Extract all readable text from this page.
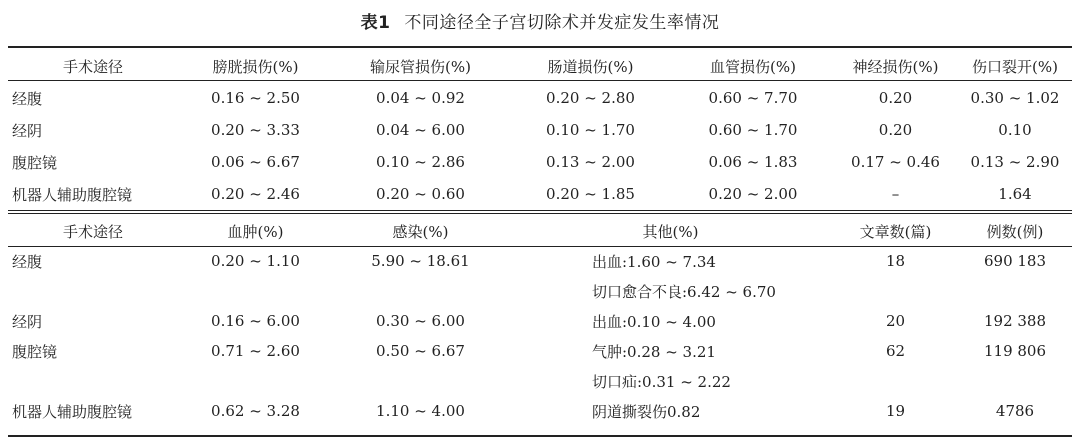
表1 不同途径全子宫切除术并发症发生率情况
手术途径	膀胱损伤(%)	输尿管损伤(%)	肠道损伤(%)	血管损伤(%)	神经损伤(%)	伤口裂开(%)
经腹	0.16 ~ 2.50	0.04 ~ 0.92	0.20 ~ 2.80	0.60 ~ 7.70	0.20	0.30 ~ 1.02
经阴	0.20 ~ 3.33	0.04 ~ 6.00	0.10 ~ 1.70	0.60 ~ 1.70	0.20	0.10
腹腔镜	0.06 ~ 6.67	0.10 ~ 2.86	0.13 ~ 2.00	0.06 ~ 1.83	0.17 ~ 0.46	0.13 ~ 2.90
机器人辅助腹腔镜	0.20 ~ 2.46	0.20 ~ 0.60	0.20 ~ 1.85	0.20 ~ 2.00	–	1.64
手术途径	血肿(%)	感染(%)	其他(%)	文章数(篇)	例数(例)
经腹	0.20 ~ 1.10	5.90 ~ 18.61	出血:1.60 ~ 7.34	18	690 183
			切口愈合不良:6.42 ~ 6.70		
经阴	0.16 ~ 6.00	0.30 ~ 6.00	出血:0.10 ~ 4.00	20	192 388
腹腔镜	0.71 ~ 2.60	0.50 ~ 6.67	气肿:0.28 ~ 3.21	62	119 806
			切口疝:0.31 ~ 2.22		
机器人辅助腹腔镜	0.62 ~ 3.28	1.10 ~ 4.00	阴道撕裂伤0.82	19	4786
